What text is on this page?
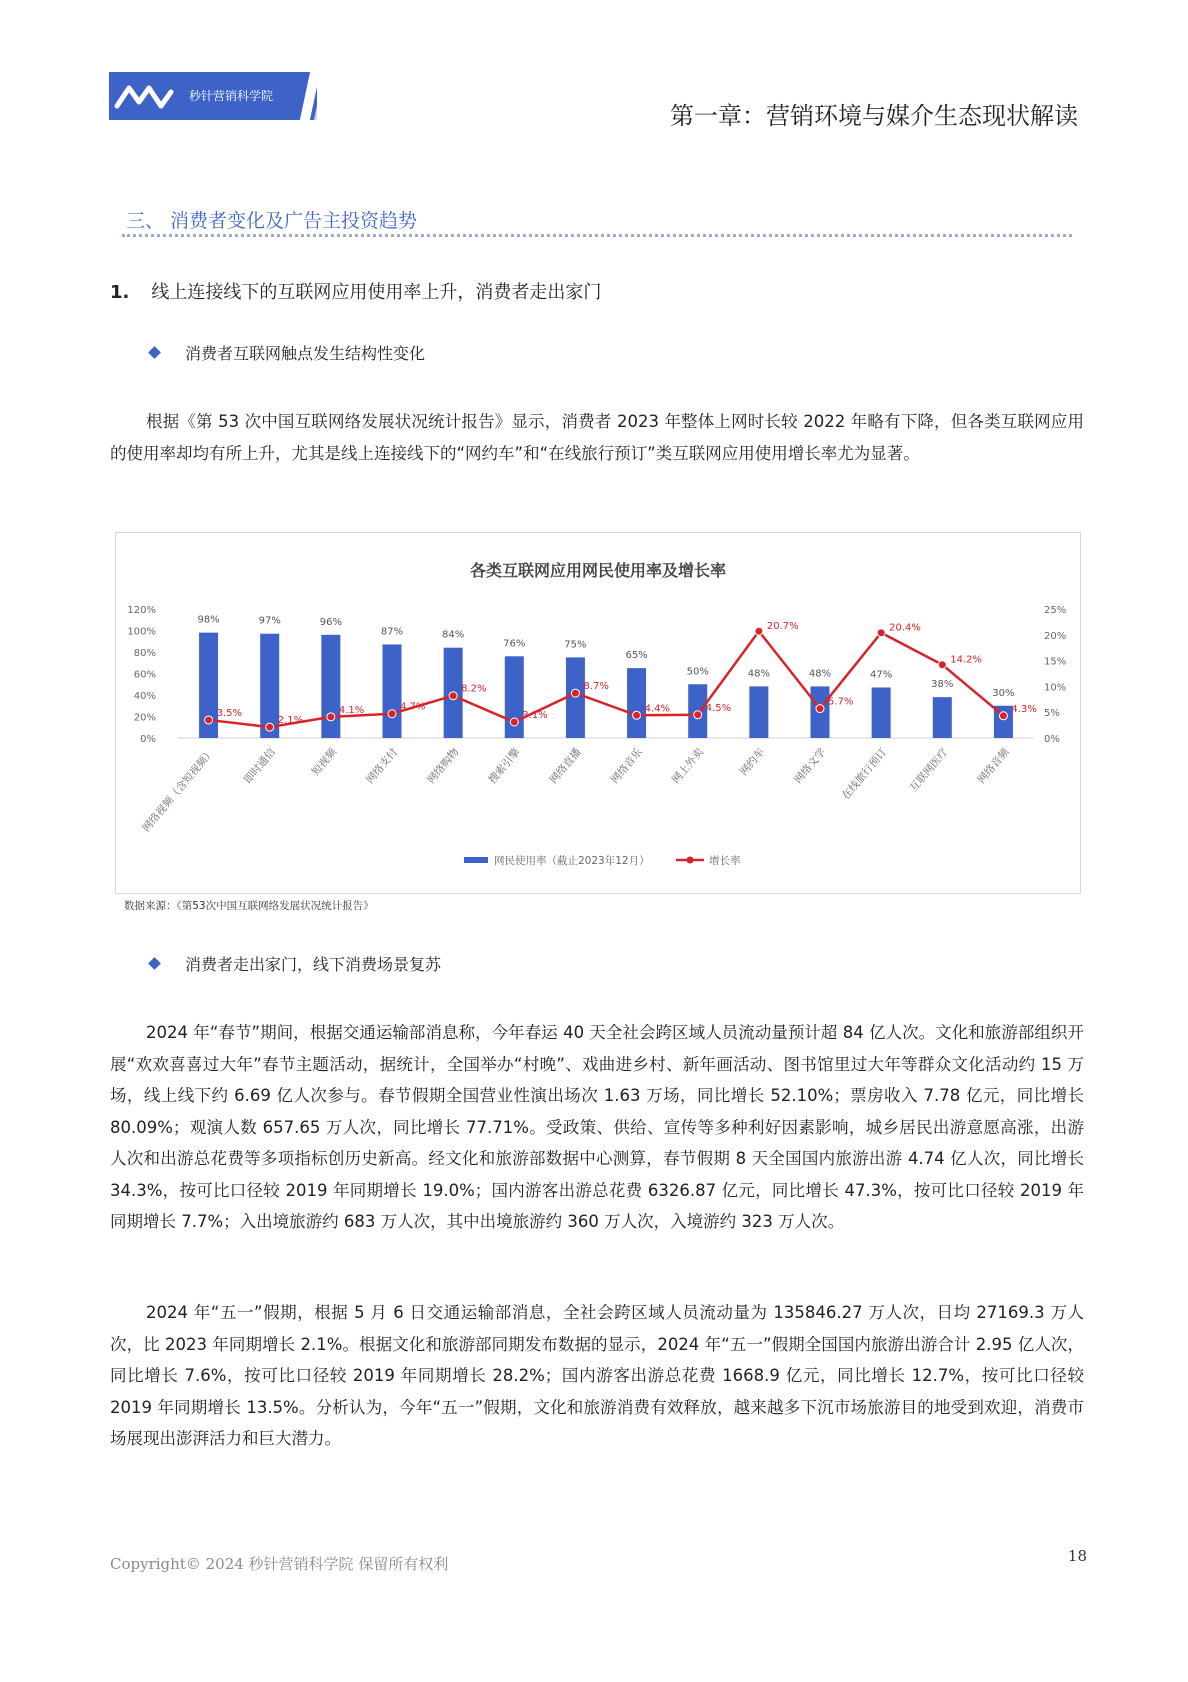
秒针营销科学院
第一章：营销环境与媒介生态现状解读
三、 消费者变化及广告主投资趋势
1. 线上连接线下的互联网应用使用率上升，消费者走出家门
消费者互联网触点发生结构性变化
根据《第 53 次中国互联网络发展状况统计报告》显示，消费者 2023 年整体上网时长较 2022 年略有下降，但各类互联网应用的使用率却均有所上升，尤其是线上连接线下的“网约车”和“在线旅行预订”类互联网应用使用增长率尤为显著。
各类互联网应用网民使用率及增长率
0%
20%
40%
60%
80%
100%
120%
0%
5%
10%
15%
20%
25%
98%	97%	96%
87%	84%
76%	75%
65%
50%	48%	48%	47%
38%
30%
3.5%
2.1%
4.1%	4.7%
8.2%
3.1%
8.7%
4.4%	4.5%
20.7%
5.7%
20.4%
14.2%
4.3%
网络视频（含短视频） 即时通信	短视频 网络支付 网络购物 搜索引擎 网络直播 网络音乐 网上外卖	网约车 网络文学 在线旅行预订 互联网医疗 网络音频
网民使用率（截止2023年12月）	增长率
数据来源：《第53次中国互联网络发展状况统计报告》
消费者走出家门，线下消费场景复苏
2024 年“春节”期间，根据交通运输部消息称，今年春运 40 天全社会跨区域人员流动量预计超 84 亿人次。文化和旅游部组织开展“欢欢喜喜过大年”春节主题活动，据统计，全国举办“村晚”、戏曲进乡村、新年画活动、图书馆里过大年等群众文化活动约 15 万场，线上线下约 6.69 亿人次参与。春节假期全国营业性演出场次 1.63 万场，同比增长 52.10%；票房收入 7.78 亿元，同比增长 80.09%；观演人数 657.65 万人次，同比增长 77.71%。受政策、供给、宣传等多种利好因素影响，城乡居民出游意愿高涨，出游人次和出游总花费等多项指标创历史新高。经文化和旅游部数据中心测算，春节假期 8 天全国国内旅游出游 4.74 亿人次，同比增长 34.3%，按可比口径较 2019 年同期增长 19.0%；国内游客出游总花费 6326.87 亿元，同比增长 47.3%，按可比口径较 2019 年同期增长 7.7%；入出境旅游约 683 万人次，其中出境旅游约 360 万人次，入境游约 323 万人次。
2024 年“五一”假期，根据 5 月 6 日交通运输部消息，全社会跨区域人员流动量为 135846.27 万人次，日均 27169.3 万人次，比 2023 年同期增长 2.1%。根据文化和旅游部同期发布数据的显示，2024 年“五一”假期全国国内旅游出游合计 2.95 亿人次，同比增长 7.6%，按可比口径较 2019 年同期增长 28.2%；国内游客出游总花费 1668.9 亿元，同比增长 12.7%，按可比口径较 2019 年同期增长 13.5%。分析认为，今年“五一”假期，文化和旅游消费有效释放，越来越多下沉市场旅游目的地受到欢迎，消费市场展现出澎湃活力和巨大潜力。
Copyright© 2024 秒针营销科学院 保留所有权利	18
